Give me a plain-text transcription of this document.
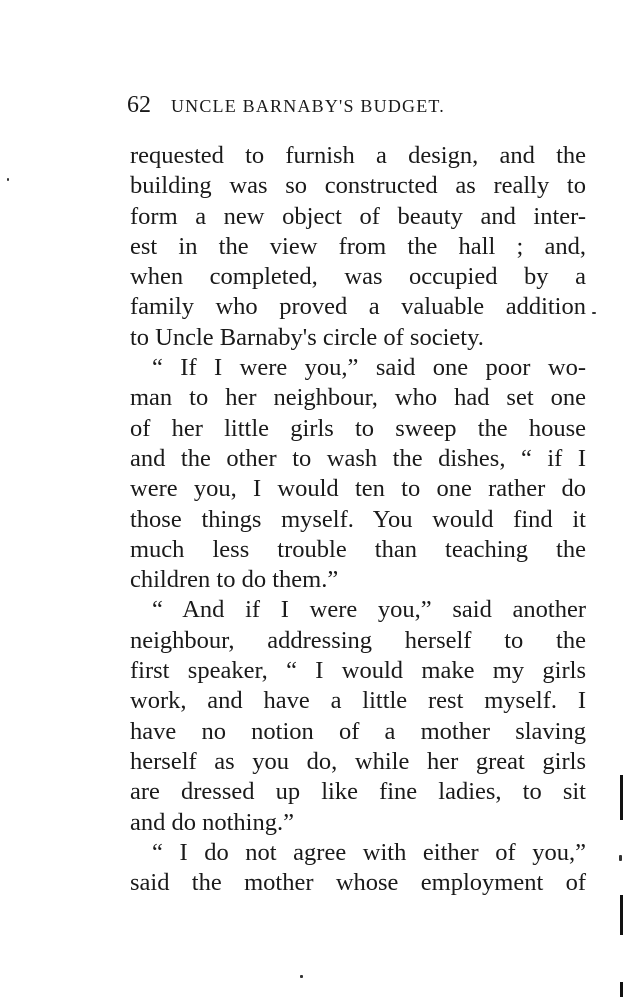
62 UNCLE BARNABY'S BUDGET.
requested to furnish a design, and the
building was so constructed as really to
form a new object of beauty and inter-
est in the view from the hall ; and,
when completed, was occupied by a
family who proved a valuable addition
to Uncle Barnaby's circle of society.
“ If I were you,” said one poor wo-
man to her neighbour, who had set one
of her little girls to sweep the house
and the other to wash the dishes, “ if I
were you, I would ten to one rather do
those things myself. You would find it
much less trouble than teaching the
children to do them.”
“ And if I were you,” said another
neighbour, addressing herself to the
first speaker, “ I would make my girls
work, and have a little rest myself. I
have no notion of a mother slaving
herself as you do, while her great girls
are dressed up like fine ladies, to sit
and do nothing.”
“ I do not agree with either of you,”
said the mother whose employment of
